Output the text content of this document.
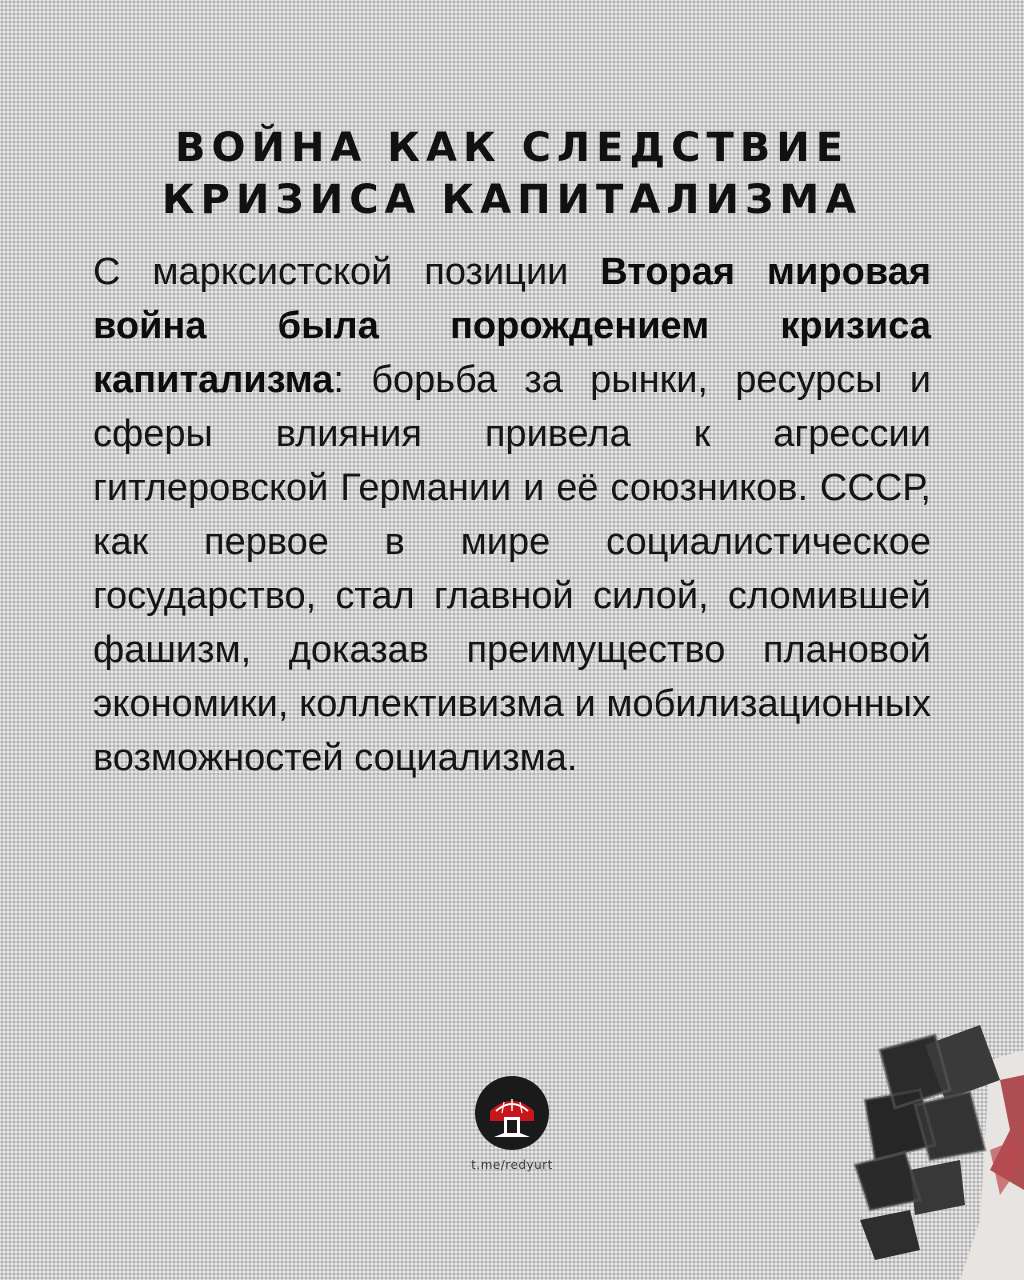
ВОЙНА КАК СЛЕДСТВИЕ
КРИЗИСА КАПИТАЛИЗМА

С марксистской позиции Вторая мировая война была порождением кризиса капитализма: борьба за рынки, ресурсы и сферы влияния привела к агрессии гитлеровской Германии и её союзников. СССР, как первое в мире социалистическое государство, стал главной силой, сломившей фашизм, доказав преимущество плановой экономики, коллективизма и мобилизационных возможностей социализма.

t.me/redyurt
